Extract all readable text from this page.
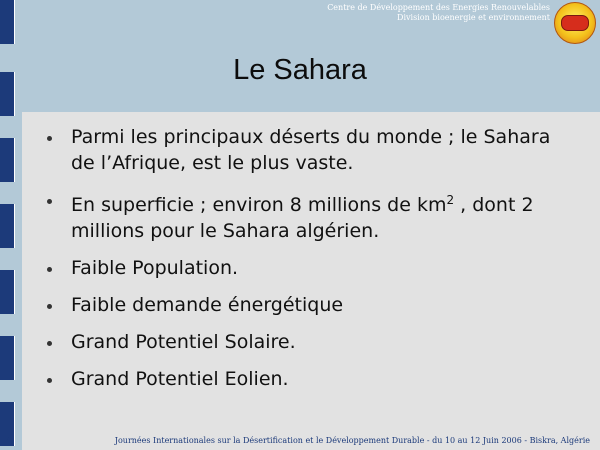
Centre de Développement des Energies Renouvelables
Division bioenergie et environnement
Le Sahara
Parmi les principaux déserts du monde ; le Sahara de l’Afrique, est le plus vaste.
En superficie ; environ 8 millions de $km^2$ , dont 2 millions pour le Sahara algérien.
Faible Population.
Faible demande énergétique
Grand Potentiel Solaire.
Grand Potentiel Eolien.
4	Journées Internationales sur la Désertification et le Développement Durable - du 10 au 12 Juin 2006 - Biskra, Algérie
